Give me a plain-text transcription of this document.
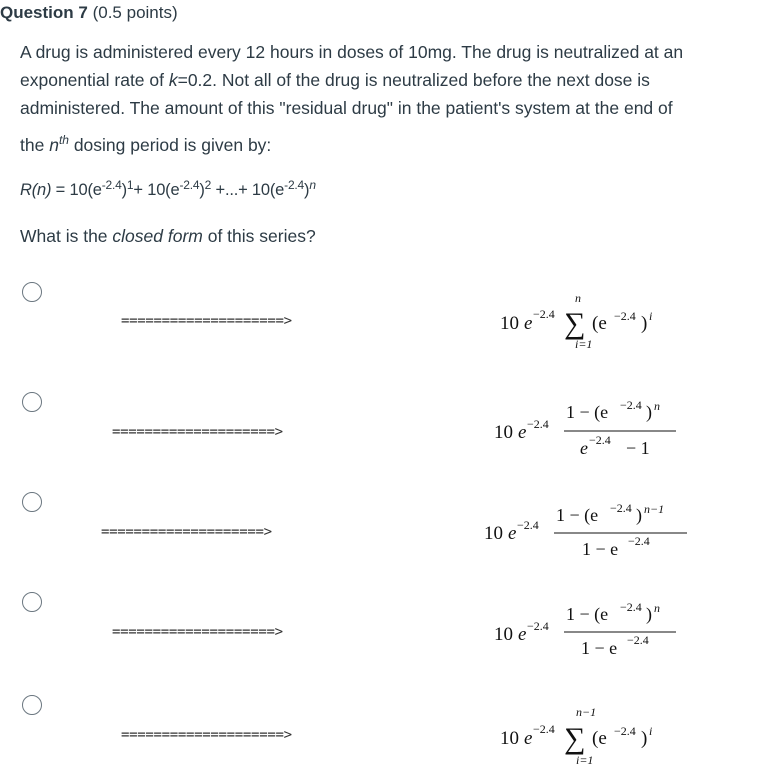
Question 7 (0.5 points)

A drug is administered every 12 hours in doses of 10mg. The drug is neutralized at an

exponential rate of k=0.2. Not all of the drug is neutralized before the next dose is

administered. The amount of this "residual drug" in the patient's system at the end of

the $n^{th}$ dosing period is given by:

$R(n) = 10(e^{-2.4})^1+ 10(e^{-2.4})^2$ +...+ $10(e^{-2.4})^n$
What is the closed form of this series?
====================>	10 e −2.4
n
∑
i=1
(e −2.4 ) i
====================>	10 e −2.4
1 − (e −2.4 ) n
e −2.4 − 1
====================>	10 e −2.4 1 − (e −2.4 ) n−1
1 − e −2.4
====================>	10 e −2.4
1 − (e −2.4 ) n
1 − e −2.4
====================>	10 e −2.4
n−1
∑
i=1
(e −2.4 ) i
